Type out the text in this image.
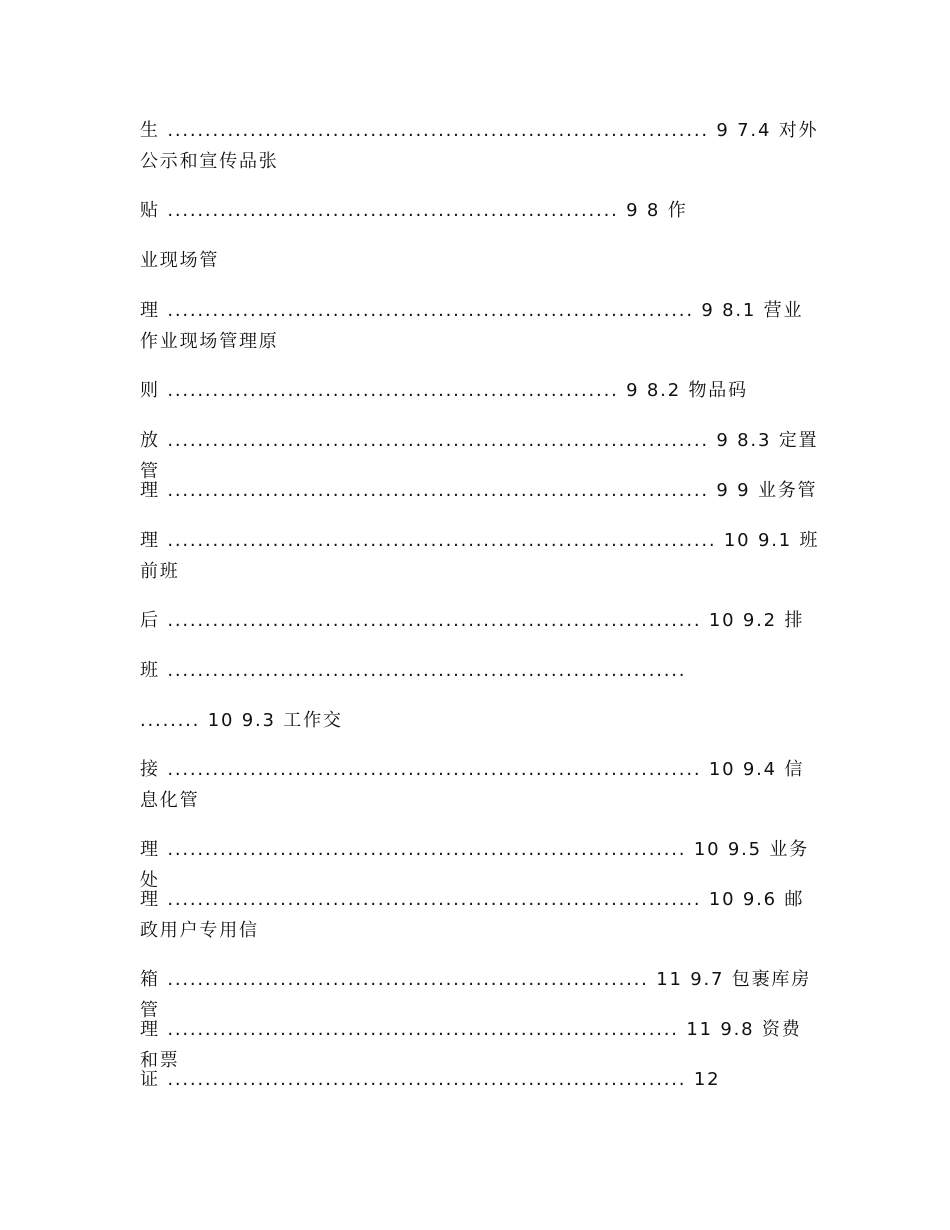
生 ........................................................................ 9 7.4 对外公示和宣传品张

贴 ............................................................ 9 8 作

业现场管

理 ...................................................................... 9 8.1 营业作业现场管理原

则 ............................................................ 9 8.2 物品码

放 ........................................................................ 9 8.3 定置管

理 ........................................................................ 9 9 业务管

理 ......................................................................... 10 9.1 班前班

后 ....................................................................... 10 9.2 排

班 .....................................................................

........ 10 9.3 工作交

接 ....................................................................... 10 9.4 信息化管

理 ..................................................................... 10 9.5 业务处

理 ....................................................................... 10 9.6 邮政用户专用信

箱 ................................................................ 11 9.7 包裹库房管

理 .................................................................... 11 9.8 资费和票

证 ..................................................................... 12
